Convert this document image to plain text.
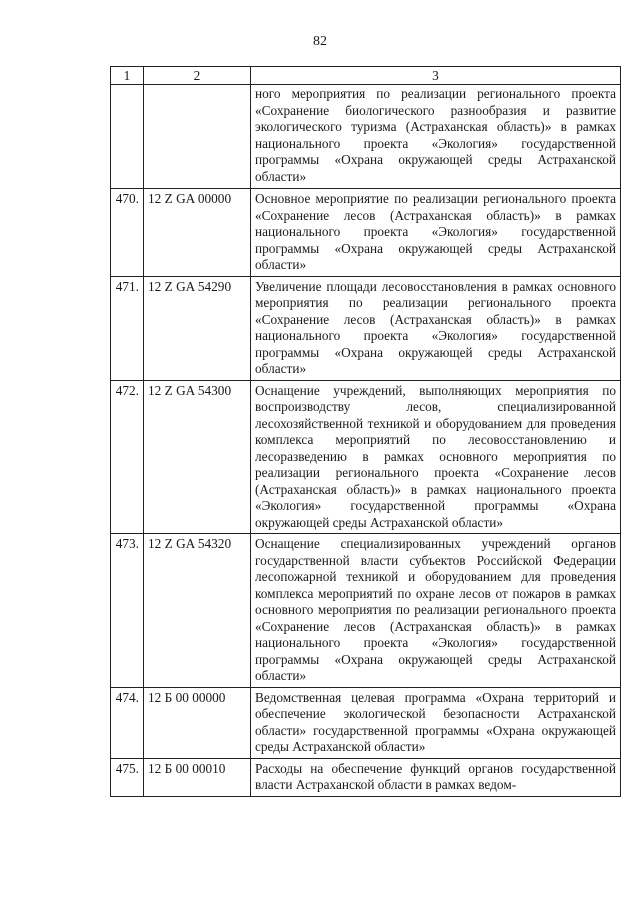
82
1	2	3
		ного мероприятия по реализации регионального проекта «Сохранение биологического разнообразия и развитие экологического туризма (Астраханская область)» в рамках национального проекта «Экология» государственной программы «Охрана окружающей среды Астраханской области»
470.	12 Z GA 00000	Основное мероприятие по реализации регионального проекта «Сохранение лесов (Астраханская область)» в рамках национального проекта «Экология» государственной программы «Охрана окружающей среды Астраханской области»
471.	12 Z GA 54290	Увеличение площади лесовосстановления в рамках основного мероприятия по реализации регионального проекта «Сохранение лесов (Астраханская область)» в рамках национального проекта «Экология» государственной программы «Охрана окружающей среды Астраханской области»
472.	12 Z GA 54300	Оснащение учреждений, выполняющих мероприятия по воспроизводству лесов, специализированной лесохозяйственной техникой и оборудованием для проведения комплекса мероприятий по лесовосстановлению и лесоразведению в рамках основного мероприятия по реализации регионального проекта «Сохранение лесов (Астраханская область)» в рамках национального проекта «Экология» государственной программы «Охрана окружающей среды Астраханской области»
473.	12 Z GA 54320	Оснащение специализированных учреждений органов государственной власти субъектов Российской Федерации лесопожарной техникой и оборудованием для проведения комплекса мероприятий по охране лесов от пожаров в рамках основного мероприятия по реализации регионального проекта «Сохранение лесов (Астраханская область)» в рамках национального проекта «Экология» государственной программы «Охрана окружающей среды Астраханской области»
474.	12 Б 00 00000	Ведомственная целевая программа «Охрана территорий и обеспечение экологической безопасности Астраханской области» государственной программы «Охрана окружающей среды Астраханской области»
475.	12 Б 00 00010	Расходы на обеспечение функций органов государственной власти Астраханской области в рамках ведом-
